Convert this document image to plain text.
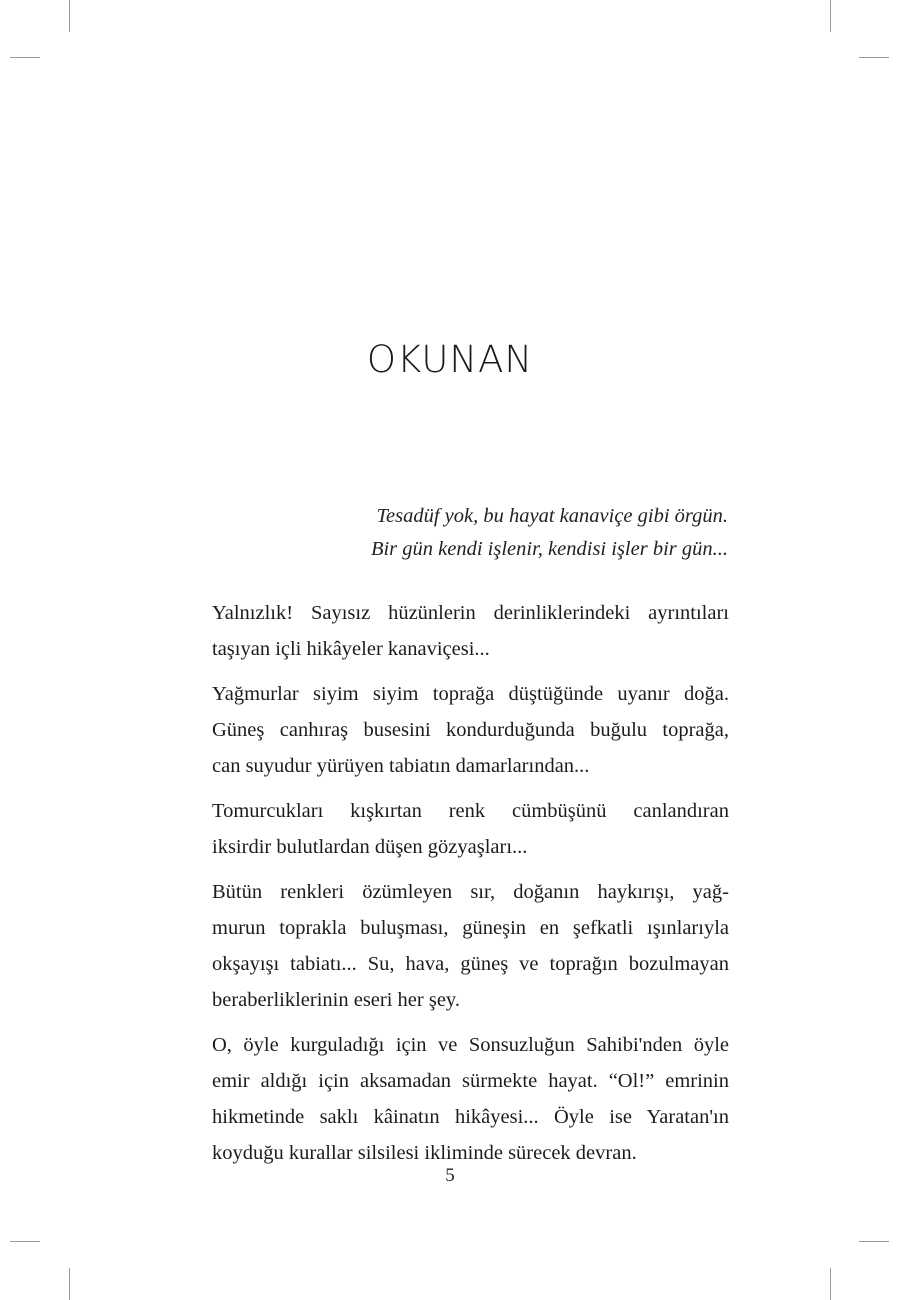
OKUNAN
Tesadüf yok, bu hayat kanaviçe gibi örgün.
Bir gün kendi işlenir, kendisi işler bir gün...

Yalnızlık! Sayısız hüzünlerin derinliklerindeki ayrıntıları
taşıyan içli hikâyeler kanaviçesi...

Yağmurlar siyim siyim toprağa düştüğünde uyanır doğa.
Güneş canhıraş busesini kondurduğunda buğulu toprağa,
can suyudur yürüyen tabiatın damarlarından...

Tomurcukları kışkırtan renk cümbüşünü canlandıran
iksirdir bulutlardan düşen gözyaşları...

Bütün renkleri özümleyen sır, doğanın haykırışı, yağ-
murun toprakla buluşması, güneşin en şefkatli ışınlarıyla
okşayışı tabiatı... Su, hava, güneş ve toprağın bozulmayan
beraberliklerinin eseri her şey.

O, öyle kurguladığı için ve Sonsuzluğun Sahibi'nden öyle
emir aldığı için aksamadan sürmekte hayat. “Ol!” emrinin
hikmetinde saklı kâinatın hikâyesi... Öyle ise Yaratan'ın
koyduğu kurallar silsilesi ikliminde sürecek devran.

5
